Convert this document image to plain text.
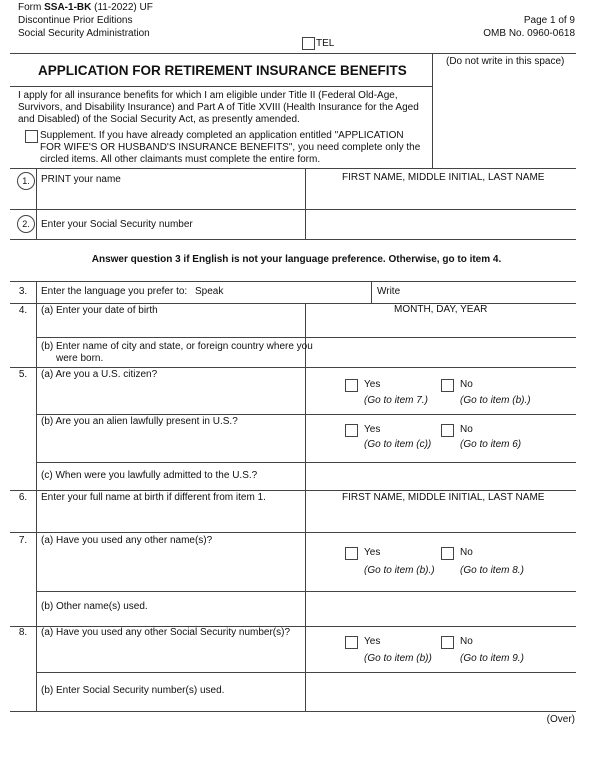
Form SSA-1-BK (11-2022) UF
Discontinue Prior Editions
Social Security Administration
TEL
Page 1 of 9
OMB No. 0960-0618
(Do not write in this space)
APPLICATION FOR RETIREMENT INSURANCE BENEFITS
I apply for all insurance benefits for which I am eligible under Title II (Federal Old-Age, Survivors, and Disability Insurance) and Part A of Title XVIII (Health Insurance for the Aged and Disabled) of the Social Security Act, as presently amended.
Supplement. If you have already completed an application entitled "APPLICATION FOR WIFE'S OR HUSBAND'S INSURANCE BENEFITS", you need complete only the circled items. All other claimants must complete the entire form.
1.	PRINT your name	FIRST NAME, MIDDLE INITIAL, LAST NAME
2.	Enter your Social Security number
Answer question 3 if English is not your language preference. Otherwise, go to item 4.
3.	Enter the language you prefer to: Speak	Write
4.	(a) Enter your date of birth	MONTH, DAY, YEAR
(b) Enter name of city and state, or foreign country where you were born.
5.	(a) Are you a U.S. citizen?
Yes
(Go to item 7.)
No
(Go to item (b).)
(b) Are you an alien lawfully present in U.S.?
Yes
(Go to item (c))
No
(Go to item 6)
(c) When were you lawfully admitted to the U.S.?
6.	Enter your full name at birth if different from item 1.	FIRST NAME, MIDDLE INITIAL, LAST NAME
7.	(a) Have you used any other name(s)?
Yes
(Go to item (b).)
No
(Go to item 8.)
(b) Other name(s) used.
8.	(a) Have you used any other Social Security number(s)?
Yes
(Go to item (b))
No
(Go to item 9.)
(b) Enter Social Security number(s) used.
(Over)
